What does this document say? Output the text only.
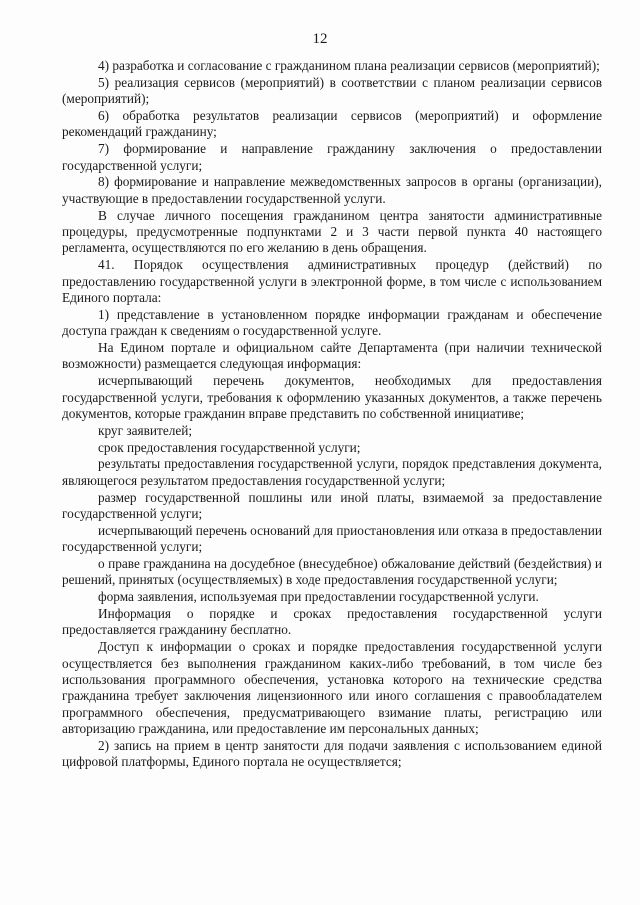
12

4) разработка и согласование с гражданином плана реализации сервисов (мероприятий);

5) реализация сервисов (мероприятий) в соответствии с планом реализации сервисов (мероприятий);

6) обработка результатов реализации сервисов (мероприятий) и оформление рекомендаций гражданину;

7) формирование и направление гражданину заключения о предоставлении государственной услуги;

8) формирование и направление межведомственных запросов в органы (организации), участвующие в предоставлении государственной услуги.

В случае личного посещения гражданином центра занятости административные процедуры, предусмотренные подпунктами 2 и 3 части первой пункта 40 настоящего регламента, осуществляются по его желанию в день обращения.

41. Порядок осуществления административных процедур (действий) по предоставлению государственной услуги в электронной форме, в том числе с использованием Единого портала:

1) представление в установленном порядке информации гражданам и обеспечение доступа граждан к сведениям о государственной услуге.

На Едином портале и официальном сайте Департамента (при наличии технической возможности) размещается следующая информация:

исчерпывающий перечень документов, необходимых для предоставления государственной услуги, требования к оформлению указанных документов, а также перечень документов, которые гражданин вправе представить по собственной инициативе;

круг заявителей;

срок предоставления государственной услуги;

результаты предоставления государственной услуги, порядок представления документа, являющегося результатом предоставления государственной услуги;

размер государственной пошлины или иной платы, взимаемой за предоставление государственной услуги;

исчерпывающий перечень оснований для приостановления или отказа в предоставлении государственной услуги;

о праве гражданина на досудебное (внесудебное) обжалование действий (бездействия) и решений, принятых (осуществляемых) в ходе предоставления государственной услуги;

форма заявления, используемая при предоставлении государственной услуги.

Информация о порядке и сроках предоставления государственной услуги предоставляется гражданину бесплатно.

Доступ к информации о сроках и порядке предоставления государственной услуги осуществляется без выполнения гражданином каких-либо требований, в том числе без использования программного обеспечения, установка которого на технические средства гражданина требует заключения лицензионного или иного соглашения с правообладателем программного обеспечения, предусматривающего взимание платы, регистрацию или авторизацию гражданина, или предоставление им персональных данных;

2) запись на прием в центр занятости для подачи заявления с использованием единой цифровой платформы, Единого портала не осуществляется;
